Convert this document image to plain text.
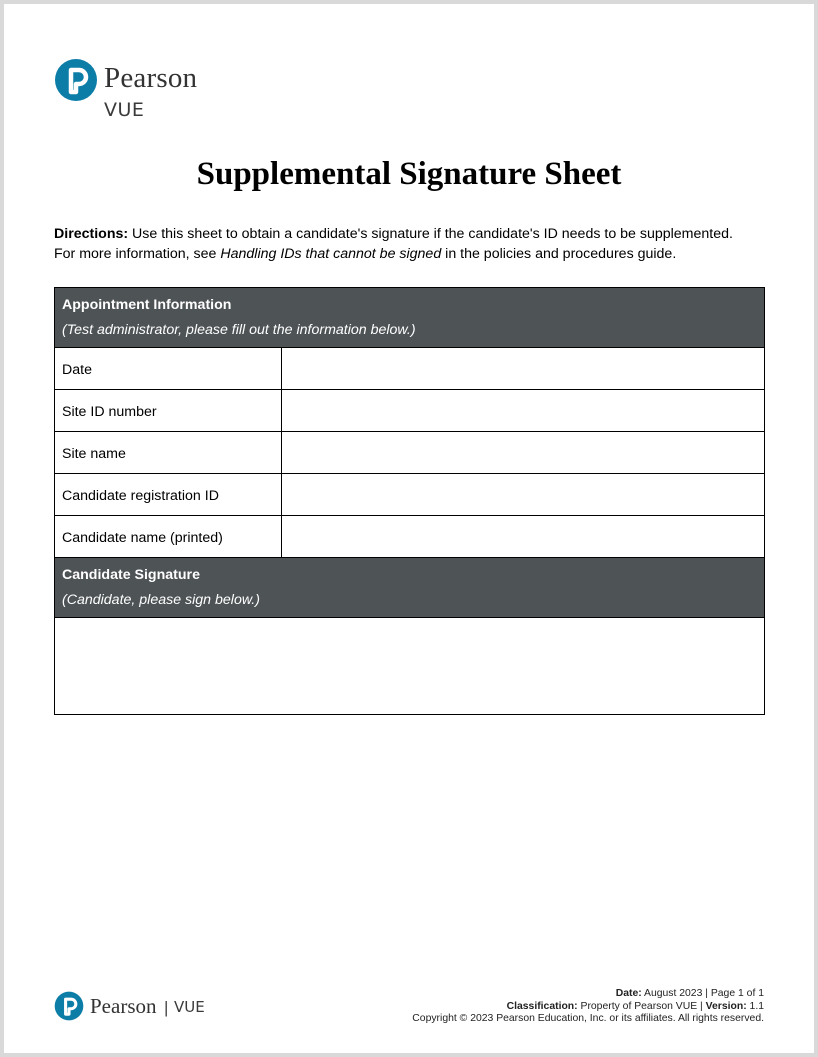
Pearson
VUE
Supplemental Signature Sheet
Directions: Use this sheet to obtain a candidate's signature if the candidate's ID needs to be supplemented.
For more information, see Handling IDs that cannot be signed in the policies and procedures guide.
Appointment Information
(Test administrator, please fill out the information below.)
Date
Site ID number
Site name
Candidate registration ID
Candidate name (printed)
Candidate Signature
(Candidate, please sign below.)
Pearson | VUE
Date: August 2023 | Page 1 of 1
Classification: Property of Pearson VUE | Version: 1.1
Copyright © 2023 Pearson Education, Inc. or its affiliates. All rights reserved.
